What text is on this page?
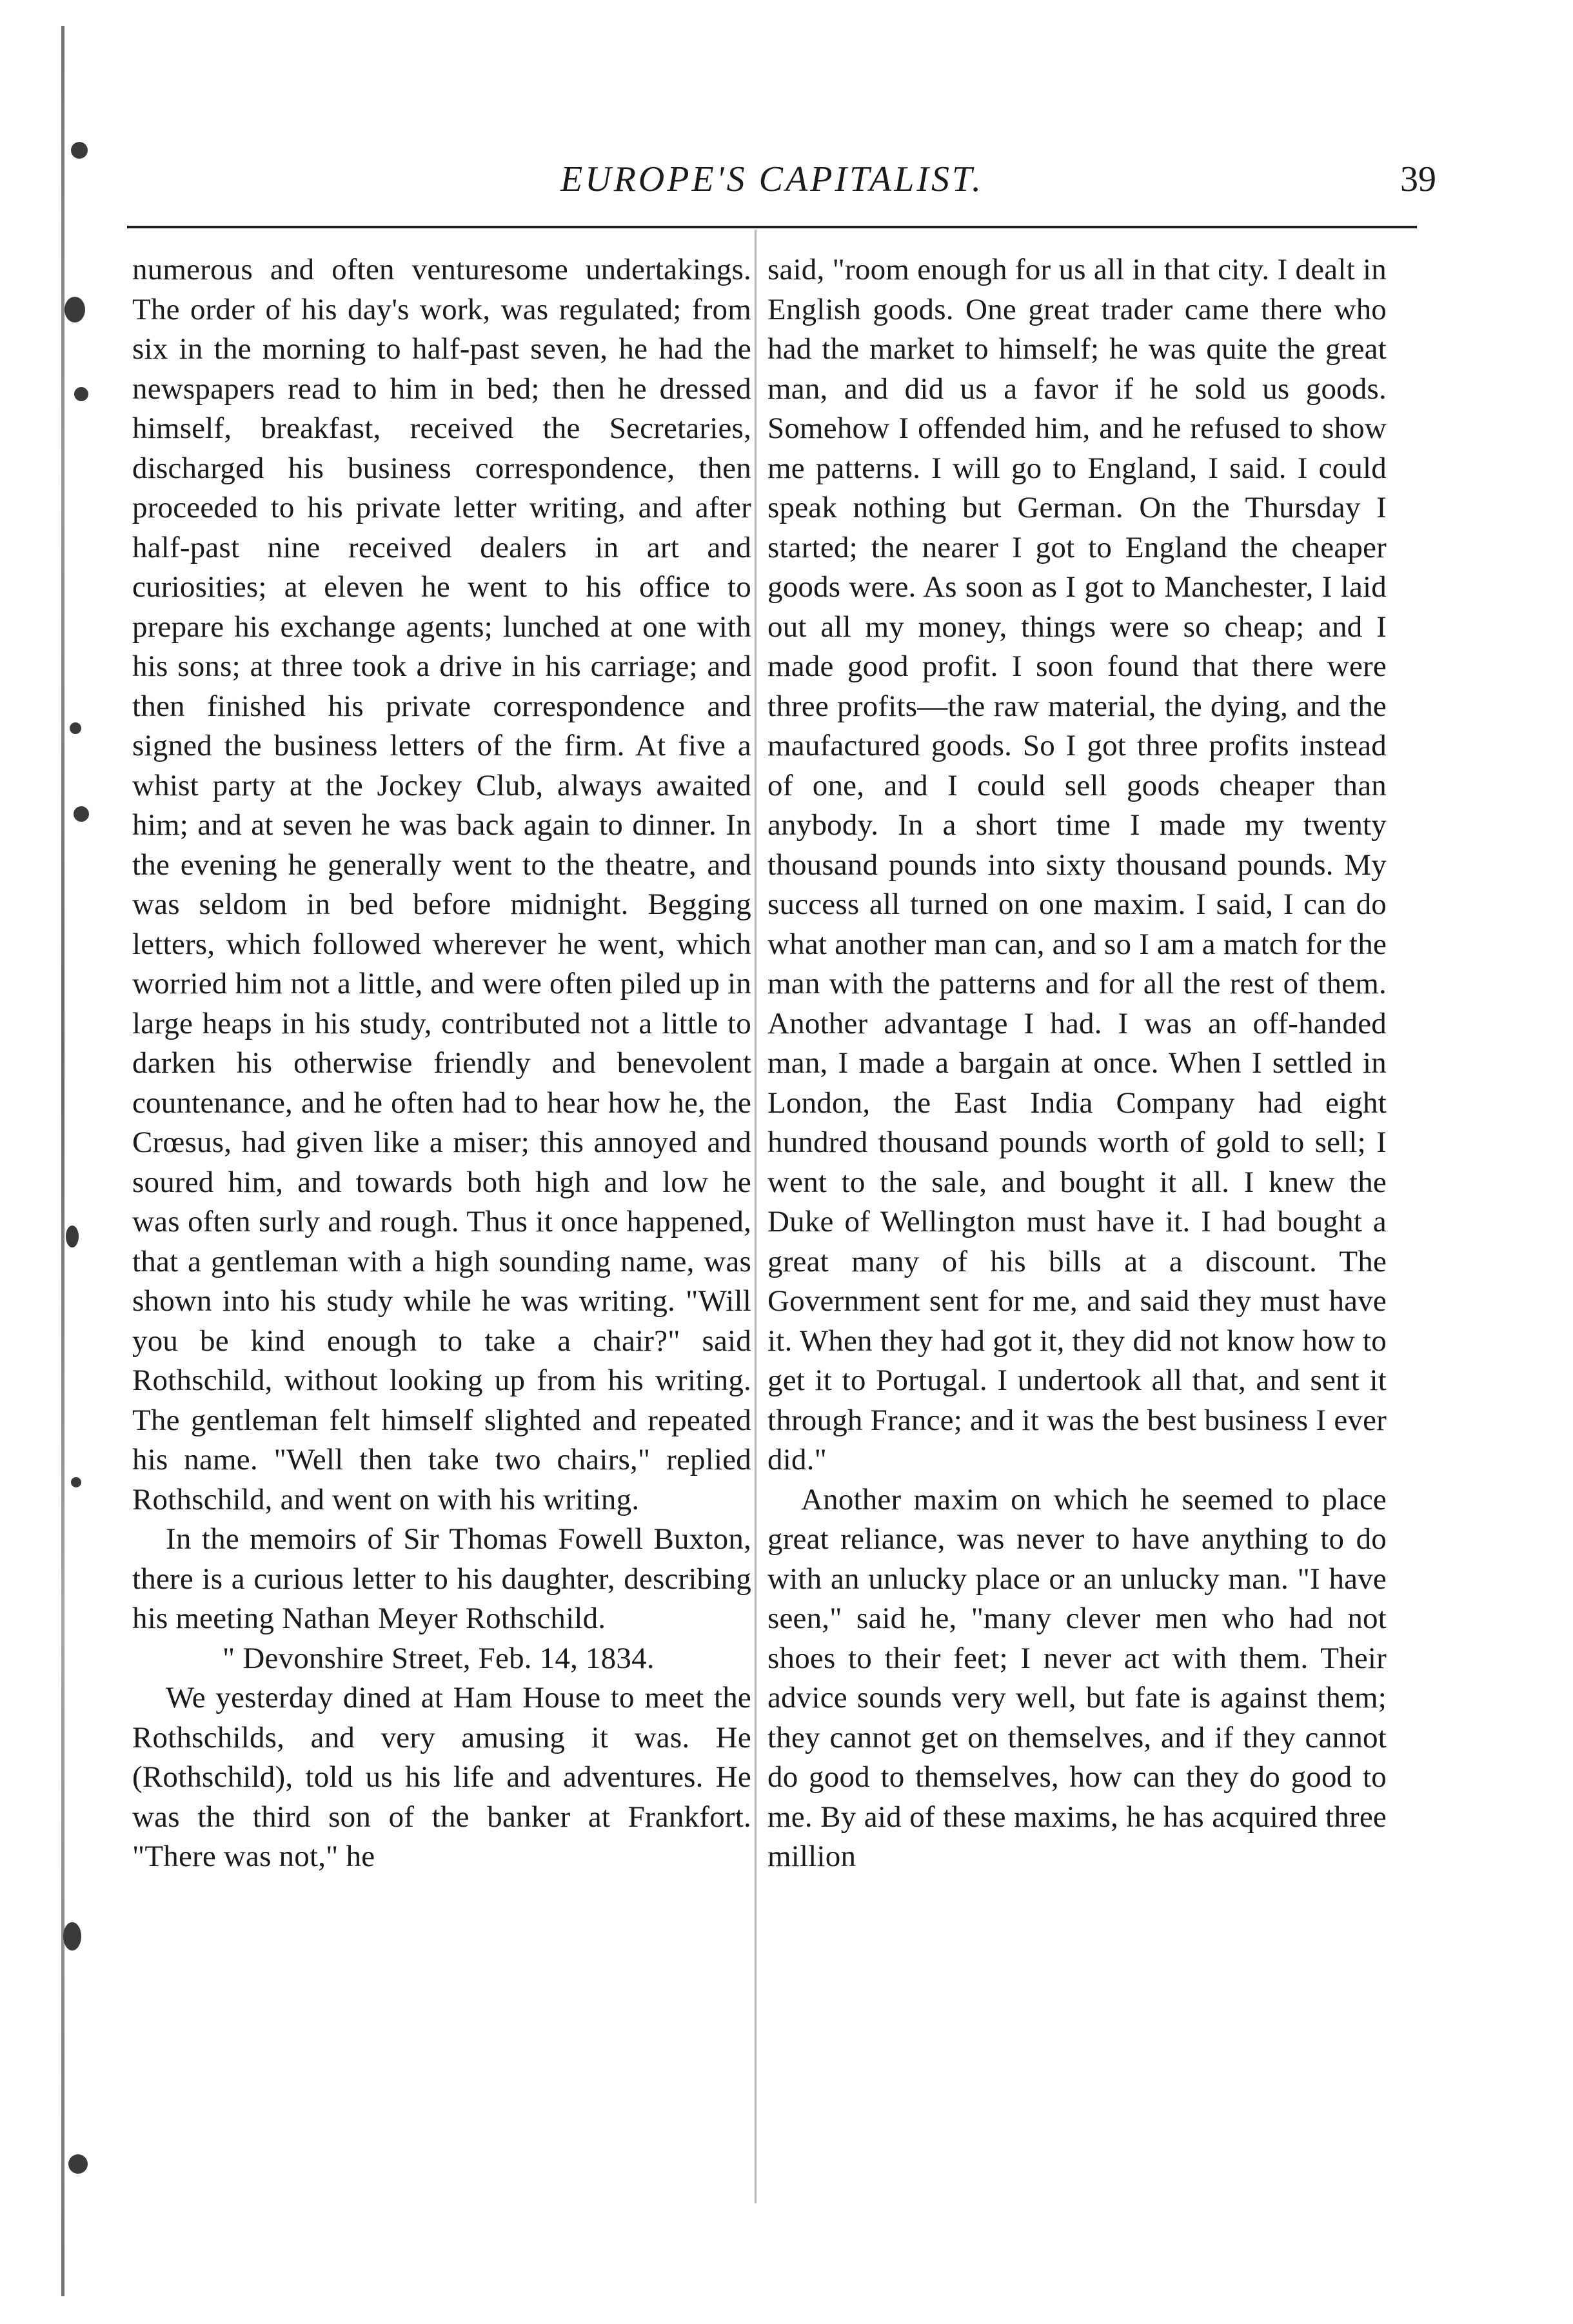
EUROPE'S CAPITALIST.	39

numerous and often venturesome undertakings. The order of his day's work, was regulated; from six in the morning to half-past seven, he had the newspapers read to him in bed; then he dressed himself, breakfast, received the Secretaries, discharged his business correspondence, then proceeded to his private letter writing, and after half-past nine received dealers in art and curiosities; at eleven he went to his office to prepare his exchange agents; lunched at one with his sons; at three took a drive in his carriage; and then finished his private correspondence and signed the business letters of the firm. At five a whist party at the Jockey Club, always awaited him; and at seven he was back again to dinner. In the evening he generally went to the theatre, and was seldom in bed before midnight. Begging letters, which followed wherever he went, which worried him not a little, and were often piled up in large heaps in his study, contributed not a little to darken his otherwise friendly and benevolent countenance, and he often had to hear how he, the Crœsus, had given like a miser; this annoyed and soured him, and towards both high and low he was often surly and rough. Thus it once happened, that a gentleman with a high sounding name, was shown into his study while he was writing. "Will you be kind enough to take a chair?" said Rothschild, without looking up from his writing. The gentleman felt himself slighted and repeated his name. "Well then take two chairs," replied Rothschild, and went on with his writing.

In the memoirs of Sir Thomas Fowell Buxton, there is a curious letter to his daughter, describing his meeting Nathan Meyer Rothschild.

" Devonshire Street, Feb. 14, 1834.

We yesterday dined at Ham House to meet the Rothschilds, and very amusing it was. He (Rothschild), told us his life and adventures. He was the third son of the banker at Frankfort. "There was not," he

said, "room enough for us all in that city. I dealt in English goods. One great trader came there who had the market to himself; he was quite the great man, and did us a favor if he sold us goods. Somehow I offended him, and he refused to show me patterns. I will go to England, I said. I could speak nothing but German. On the Thursday I started; the nearer I got to England the cheaper goods were. As soon as I got to Manchester, I laid out all my money, things were so cheap; and I made good profit. I soon found that there were three profits—the raw material, the dying, and the maufactured goods. So I got three profits instead of one, and I could sell goods cheaper than anybody. In a short time I made my twenty thousand pounds into sixty thousand pounds. My success all turned on one maxim. I said, I can do what another man can, and so I am a match for the man with the patterns and for all the rest of them. Another advantage I had. I was an off-handed man, I made a bargain at once. When I settled in London, the East India Company had eight hundred thousand pounds worth of gold to sell; I went to the sale, and bought it all. I knew the Duke of Wellington must have it. I had bought a great many of his bills at a discount. The Government sent for me, and said they must have it. When they had got it, they did not know how to get it to Portugal. I undertook all that, and sent it through France; and it was the best business I ever did."

Another maxim on which he seemed to place great reliance, was never to have anything to do with an unlucky place or an unlucky man. "I have seen," said he, "many clever men who had not shoes to their feet; I never act with them. Their advice sounds very well, but fate is against them; they cannot get on themselves, and if they cannot do good to themselves, how can they do good to me. By aid of these maxims, he has acquired three million
